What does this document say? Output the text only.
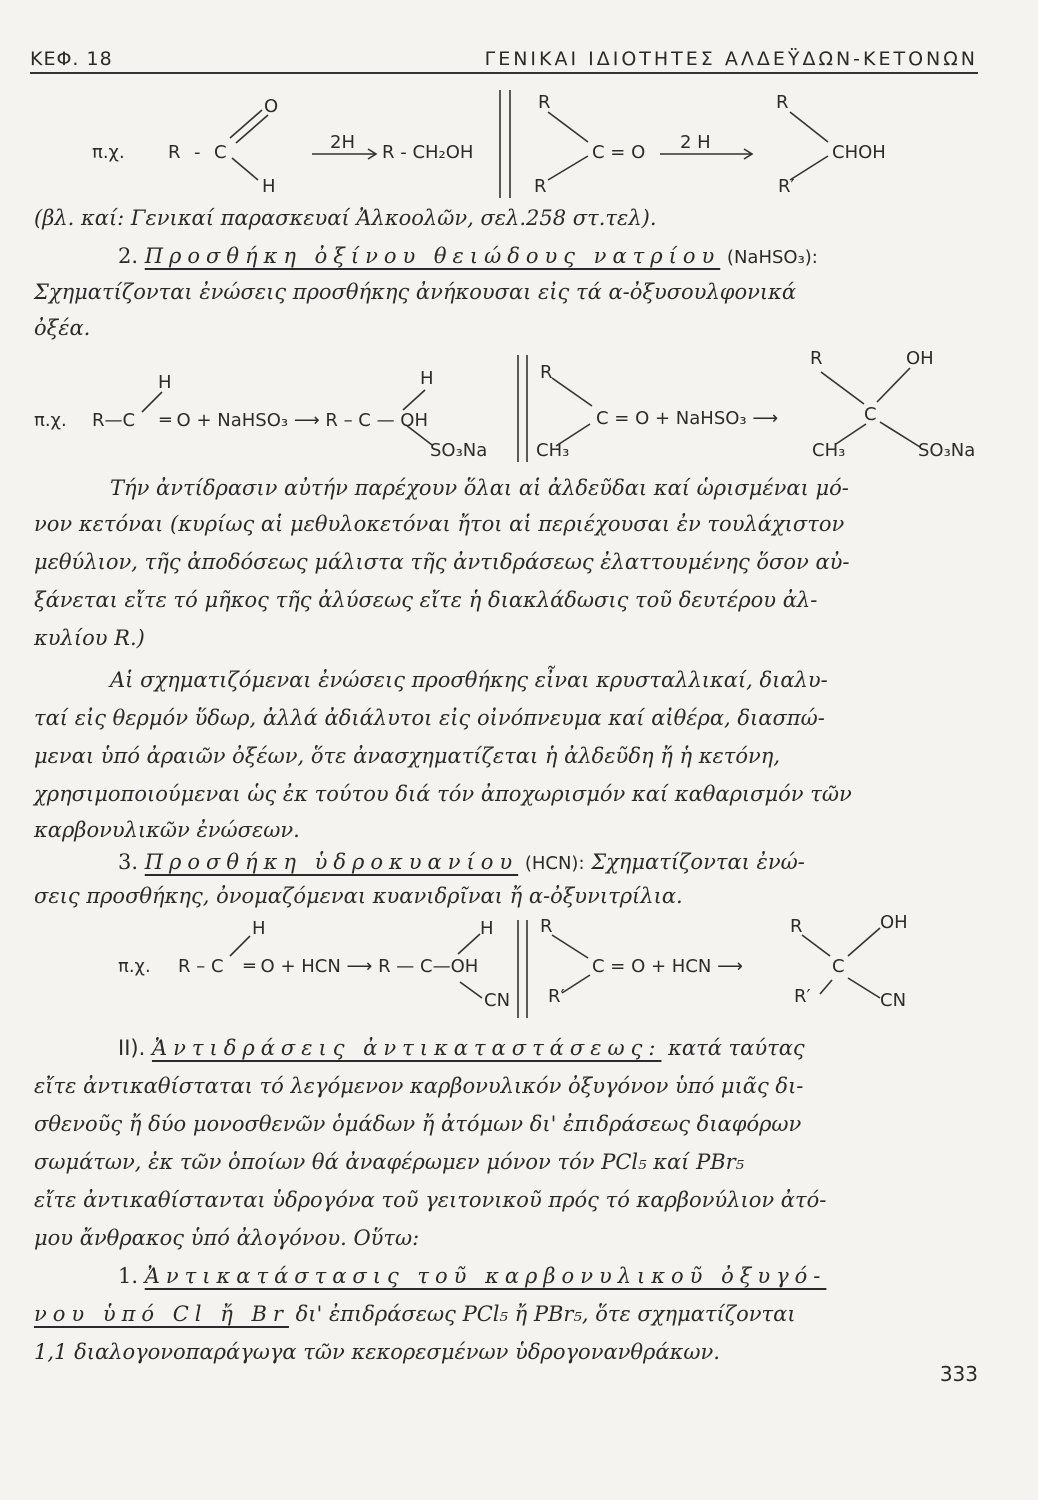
ΚΕΦ. 18	ΓΕΝΙΚΑΙ ΙΔΙΟΤΗΤΕΣ ΑΛΔΕΫΔΩΝ-ΚΕΤΟΝΩΝ
π.χ. R - C
O
H
2H R - CH₂OH
R
R
C = O 2 H
R
R′
CHOH
(βλ. καί: Γενικαί παρασκευαί Ἀλκοολῶν, σελ.258 στ.τελ).
2. Προσθήκη ὀξίνου θειώδους νατρίου (NaHSO₃):
Σχηματίζονται ἐνώσεις προσθήκης ἀνήκουσαι εἰς τά α-ὀξυσουλφονικά
ὀξέα.
π.χ. R—C
H
═ O + NaHSO₃ ⟶ R – C — OH
H
SO₃Na
R
CH₃
C = O + NaHSO₃ ⟶
R	OH
C
CH₃	SO₃Na
Τήν ἀντίδρασιν αὐτήν παρέχουν ὅλαι αἱ ἀλδεῦδαι καί ὡρισμέναι μό-
νον κετόναι (κυρίως αἱ μεθυλοκετόναι ἤτοι αἱ περιέχουσαι ἐν τουλάχιστον
μεθύλιον, τῆς ἀποδόσεως μάλιστα τῆς ἀντιδράσεως ἐλαττουμένης ὅσον αὐ-
ξάνεται εἴτε τό μῆκος τῆς ἀλύσεως εἴτε ἡ διακλάδωσις τοῦ δευτέρου ἀλ-
κυλίου R.)
Αἱ σχηματιζόμεναι ἐνώσεις προσθήκης εἶναι κρυσταλλικαί, διαλυ-
ταί εἰς θερμόν ὕδωρ, ἀλλά ἀδιάλυτοι εἰς οἰνόπνευμα καί αἰθέρα, διασπώ-
μεναι ὑπό ἀραιῶν ὀξέων, ὅτε ἀνασχηματίζεται ἡ ἀλδεῦδη ἤ ἡ κετόνη,
χρησιμοποιούμεναι ὡς ἐκ τούτου διά τόν ἀποχωρισμόν καί καθαρισμόν τῶν
καρβονυλικῶν ἐνώσεων.
3. Προσθήκη ὑδροκυανίου (HCN): Σχηματίζονται ἐνώ-
σεις προσθήκης, ὀνομαζόμεναι κυανιδρῖναι ἤ α-ὀξυνιτρίλια.
π.χ. R – C
H
═ O + HCN ⟶ R — C—OH
H
CN
R
R′
C = O + HCN ⟶
R
R′
OH
C
CN
II). Ἀντιδράσεις ἀντικαταστάσεως: κατά ταύτας
εἴτε ἀντικαθίσταται τό λεγόμενον καρβονυλικόν ὀξυγόνον ὑπό μιᾶς δι-
σθενοῦς ἤ δύο μονοσθενῶν ὁμάδων ἤ ἀτόμων δι' ἐπιδράσεως διαφόρων
σωμάτων, ἐκ τῶν ὁποίων θά ἀναφέρωμεν μόνον τόν PCl₅ καί PBr₅
εἴτε ἀντικαθίστανται ὑδρογόνα τοῦ γειτονικοῦ πρός τό καρβονύλιον ἀτό-
μου ἄνθρακος ὑπό ἀλογόνου. Οὕτω:
1. Ἀντικατάστασις τοῦ καρβονυλικοῦ ὀξυγό-
νου ὑπό Cl ἤ Br δι' ἐπιδράσεως PCl₅ ἤ PBr₅, ὅτε σχηματίζονται
1,1 διαλογονοπαράγωγα τῶν κεκορεσμένων ὑδρογονανθράκων.
333
